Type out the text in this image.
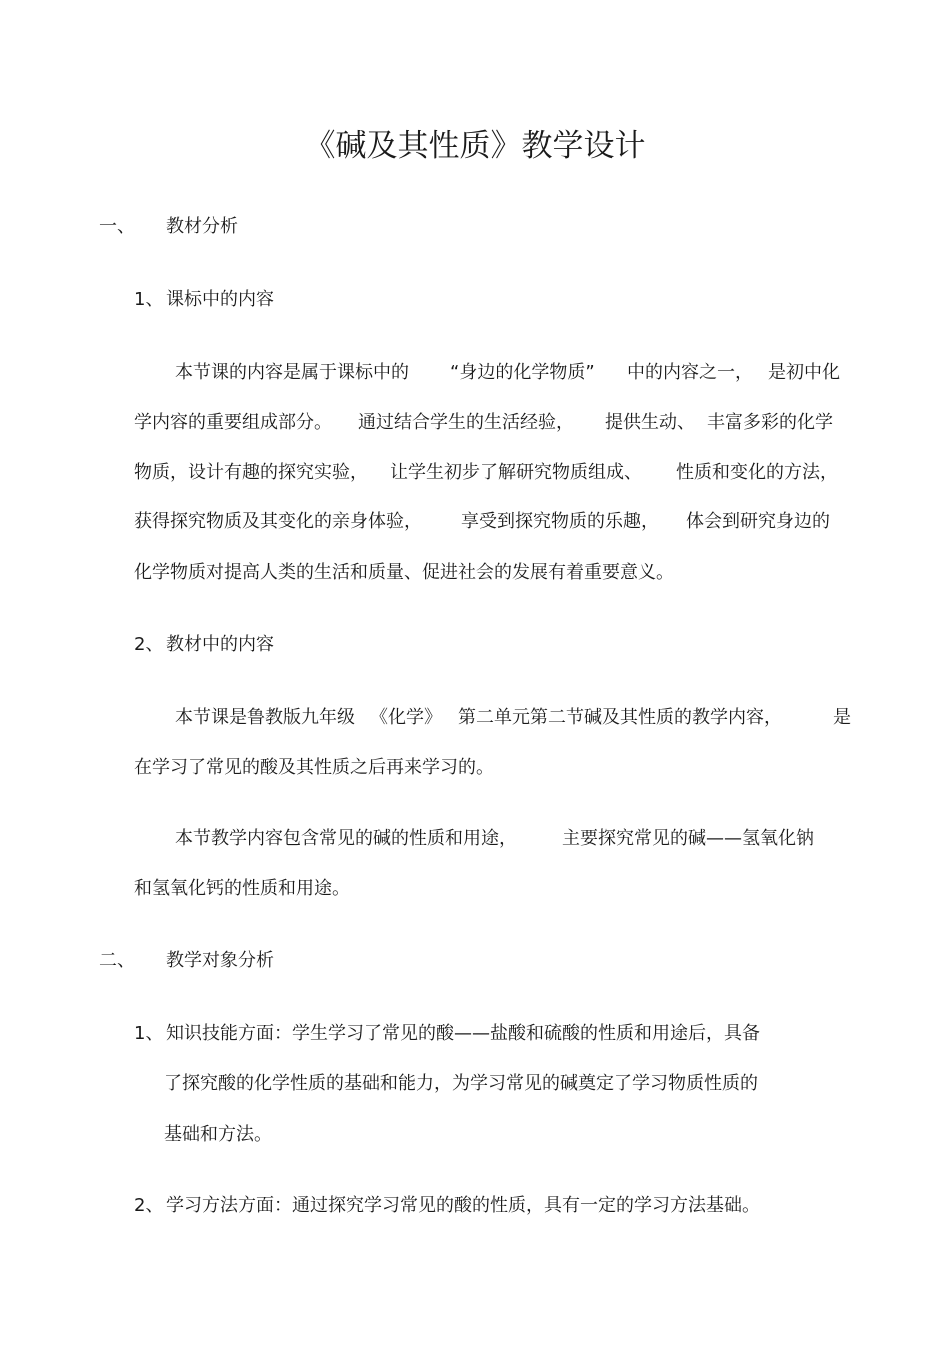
《碱及其性质》教学设计
一、 教材分析
1、 课标中的内容
本节课的内容是属于课标中的 “身边的化学物质” 中的内容之一， 是初中化
学内容的重要组成部分。 通过结合学生的生活经验， 提供生动、 丰富多彩的化学
物质，设计有趣的探究实验， 让学生初步了解研究物质组成、 性质和变化的方法，
获得探究物质及其变化的亲身体验， 享受到探究物质的乐趣， 体会到研究身边的
化学物质对提高人类的生活和质量、促进社会的发展有着重要意义。
2、 教材中的内容
本节课是鲁教版九年级 《化学》 第二单元第二节碱及其性质的教学内容，	是
在学习了常见的酸及其性质之后再来学习的。
本节教学内容包含常见的碱的性质和用途，	主要探究常见的碱——氢氧化钠
和氢氧化钙的性质和用途。
二、 教学对象分析
1、 知识技能方面：学生学习了常见的酸——盐酸和硫酸的性质和用途后，具备
了探究酸的化学性质的基础和能力，为学习常见的碱奠定了学习物质性质的
基础和方法。
2、 学习方法方面：通过探究学习常见的酸的性质，具有一定的学习方法基础。
